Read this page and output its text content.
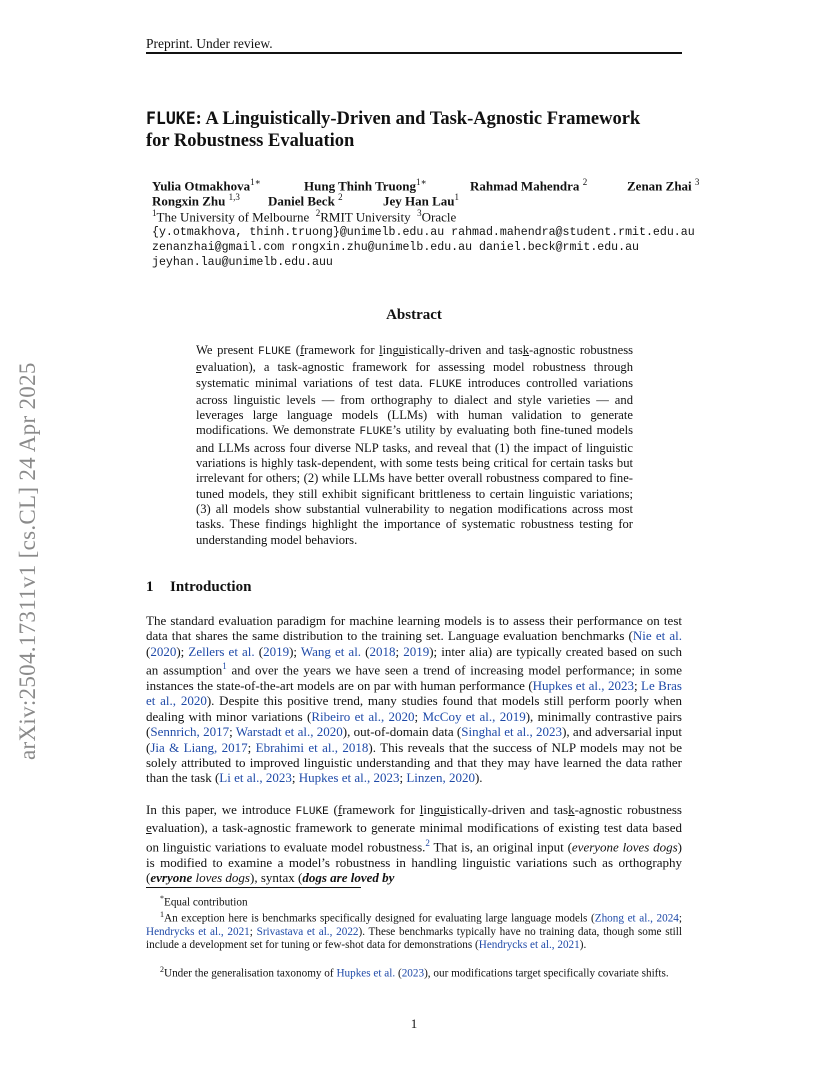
Preprint. Under review.
arXiv:2504.17311v1 [cs.CL] 24 Apr 2025
FLUKE: A Linguistically-Driven and Task-Agnostic Framework
for Robustness Evaluation
Yulia Otmakhova$^{1∗}$	Hung Thinh Truong$^{1∗}$	Rahmad Mahendra $^2$	Zenan Zhai $^3$
Rongxin Zhu $^{1,3}$ Daniel Beck $^2$	Jey Han Lau$^1$
$^1$The University of Melbourne $^2$RMIT University $^3$Oracle
{y.otmakhova, thinh.truong}@unimelb.edu.au rahmad.mahendra@student.rmit.edu.au
zenanzhai@gmail.com rongxin.zhu@unimelb.edu.au daniel.beck@rmit.edu.au
jeyhan.lau@unimelb.edu.auu
Abstract
We present FLUKE (framework for linguistically-driven and task-agnostic robustness evaluation), a task-agnostic framework for assessing model robustness through systematic minimal variations of test data. FLUKE introduces controlled variations across linguistic levels — from orthography to dialect and style varieties — and leverages large language models (LLMs) with human validation to generate modifications. We demonstrate FLUKE’s utility by evaluating both fine-tuned models and LLMs across four diverse NLP tasks, and reveal that (1) the impact of linguistic variations is highly task-dependent, with some tests being critical for certain tasks but irrelevant for others; (2) while LLMs have better overall robustness compared to fine-tuned models, they still exhibit significant brittleness to certain linguistic variations; (3) all models show substantial vulnerability to negation modifications across most tasks. These findings highlight the importance of systematic robustness testing for understanding model behaviors.
1 Introduction
The standard evaluation paradigm for machine learning models is to assess their performance on test data that shares the same distribution to the training set. Language evaluation benchmarks (Nie et al. (2020); Zellers et al. (2019); Wang et al. (2018; 2019); inter alia) are typically created based on such an assumption$^1$ and over the years we have seen a trend of increasing model performance; in some instances the state-of-the-art models are on par with human performance (Hupkes et al., 2023; Le Bras et al., 2020). Despite this positive trend, many studies found that models still perform poorly when dealing with minor variations (Ribeiro et al., 2020; McCoy et al., 2019), minimally contrastive pairs (Sennrich, 2017; Warstadt et al., 2020), out-of-domain data (Singhal et al., 2023), and adversarial input (Jia & Liang, 2017; Ebrahimi et al., 2018). This reveals that the success of NLP models may not be solely attributed to improved linguistic understanding and that they may have learned the data rather than the task (Li et al., 2023; Hupkes et al., 2023; Linzen, 2020).
In this paper, we introduce FLUKE (framework for linguistically-driven and task-agnostic robustness evaluation), a task-agnostic framework to generate minimal modifications of existing test data based on linguistic variations to evaluate model robustness.$^2$ That is, an original input (everyone loves dogs) is modified to examine a model’s robustness in handling linguistic variations such as orthography (evryone loves dogs), syntax (dogs are loved by
*Equal contribution
$^1$An exception here is benchmarks specifically designed for evaluating large language models (Zhong et al., 2024; Hendrycks et al., 2021; Srivastava et al., 2022). These benchmarks typically have no training data, though some still include a development set for tuning or few-shot data for demonstrations (Hendrycks et al., 2021).
$^2$Under the generalisation taxonomy of Hupkes et al. (2023), our modifications target specifically covariate shifts.
1
